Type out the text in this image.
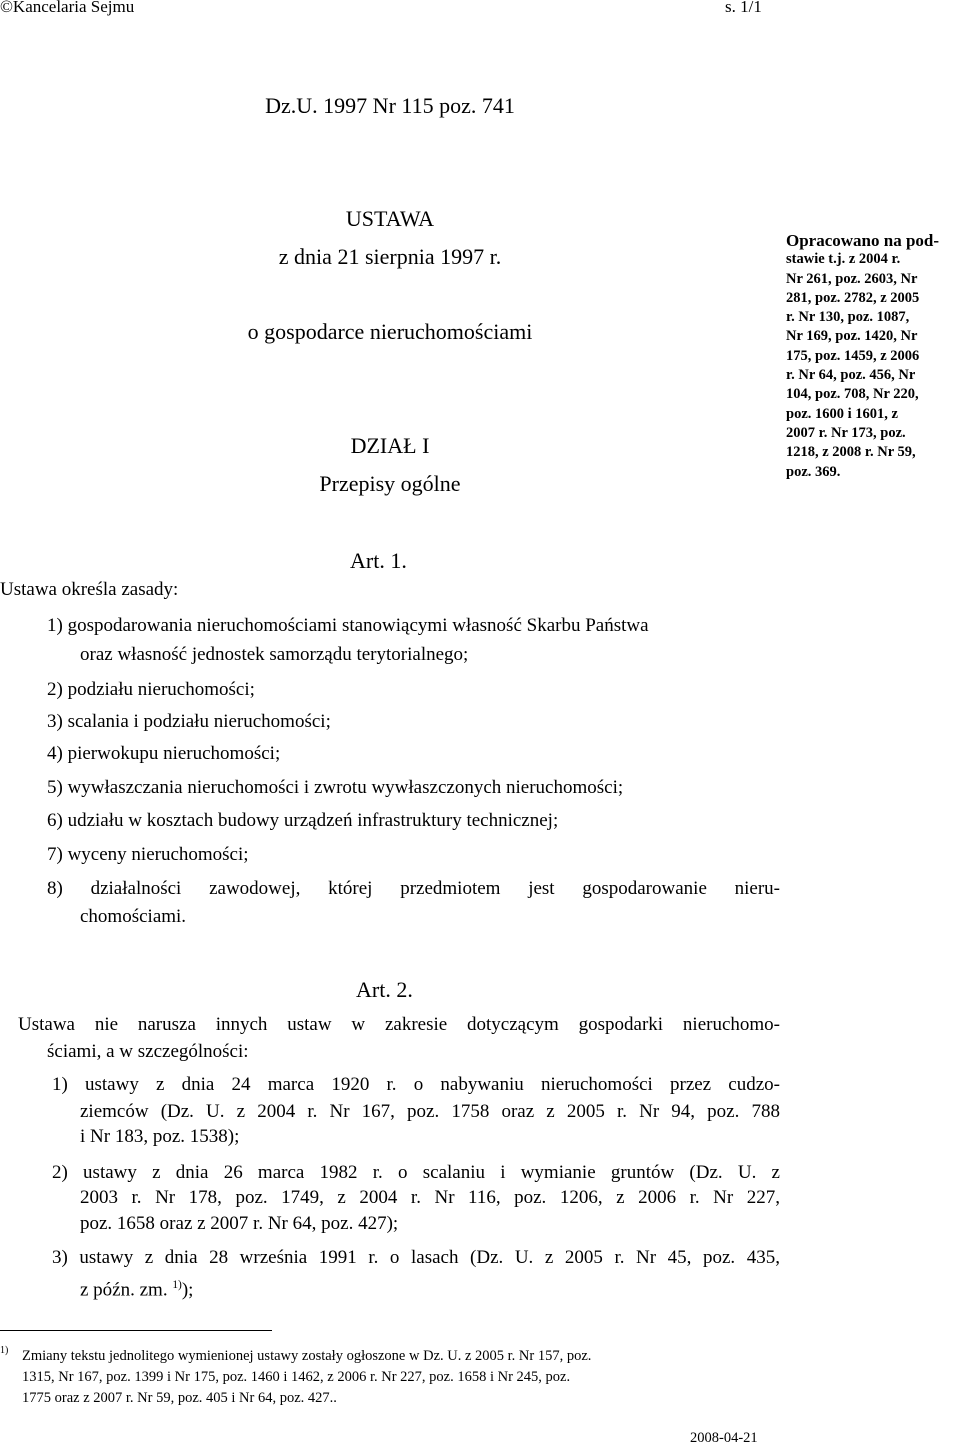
©Kancelaria Sejmu	s. 1/1
Dz.U. 1997 Nr 115 poz. 741
USTAWA
z dnia 21 sierpnia 1997 r.
o gospodarce nieruchomościami
DZIAŁ I
Przepisy ogólne
Opracowano na pod-
stawie t.j. z 2004 r.
Nr 261, poz. 2603, Nr
281, poz. 2782, z 2005
r. Nr 130, poz. 1087,
Nr 169, poz. 1420, Nr
175, poz. 1459, z 2006
r. Nr 64, poz. 456, Nr
104, poz. 708, Nr 220,
poz. 1600 i 1601, z
2007 r. Nr 173, poz.
1218, z 2008 r. Nr 59,
poz. 369.
Art. 1.
Ustawa określa zasady:
1) gospodarowania nieruchomościami stanowiącymi własność Skarbu Państwa
oraz własność jednostek samorządu terytorialnego;
2) podziału nieruchomości;
3) scalania i podziału nieruchomości;
4) pierwokupu nieruchomości;
5) wywłaszczania nieruchomości i zwrotu wywłaszczonych nieruchomości;
6) udziału w kosztach budowy urządzeń infrastruktury technicznej;
7) wyceny nieruchomości;
8) działalności zawodowej, której przedmiotem jest gospodarowanie nieru-
chomościami.
Art. 2.
Ustawa nie narusza innych ustaw w zakresie dotyczącym gospodarki nieruchomo-
ściami, a w szczególności:
1) ustawy z dnia 24 marca 1920 r. o nabywaniu nieruchomości przez cudzo-
ziemców (Dz. U. z 2004 r. Nr 167, poz. 1758 oraz z 2005 r. Nr 94, poz. 788
i Nr 183, poz. 1538);
2) ustawy z dnia 26 marca 1982 r. o scalaniu i wymianie gruntów (Dz. U. z
2003 r. Nr 178, poz. 1749, z 2004 r. Nr 116, poz. 1206, z 2006 r. Nr 227,
poz. 1658 oraz z 2007 r. Nr 64, poz. 427);
3) ustawy z dnia 28 września 1991 r. o lasach (Dz. U. z 2005 r. Nr 45, poz. 435,
z późn. zm. $^{1)}$);
1) Zmiany tekstu jednolitego wymienionej ustawy zostały ogłoszone w Dz. U. z 2005 r. Nr 157, poz.
1315, Nr 167, poz. 1399 i Nr 175, poz. 1460 i 1462, z 2006 r. Nr 227, poz. 1658 i Nr 245, poz.
1775 oraz z 2007 r. Nr 59, poz. 405 i Nr 64, poz. 427..
2008-04-21
